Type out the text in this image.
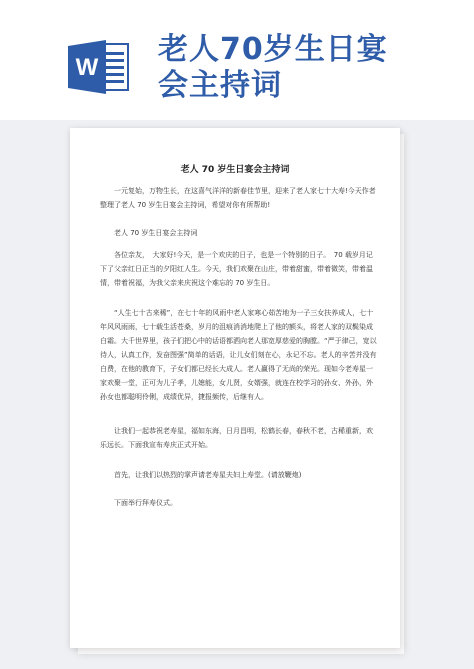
W
老人70岁生日宴
会主持词
老人 70 岁生日宴会主持词

一元复始，万物生长，在这喜气洋洋的新春佳节里，迎来了老人家七十大寿!今天作者整理了老人 70 岁生日宴会主持词，希望对你有所帮助!

老人 70 岁生日宴会主持词

各位亲友，　大家好!今天，是一个欢庆的日子，也是一个特别的日子。　70 载岁月记下了父亲红日正当的夕阳红人生。今天，我们欢聚在山庄，带着甜蜜，带着微笑，带着温情，带着祝福，为我父亲来庆祝这个难忘的 70 岁生日。

“人生七十古来稀”，在七十年的风雨中老人家寒心茹苦地为一子三女扶养成人，七十年风风雨雨，七十载生活苍桑，岁月的沮痕消消地爬上了他的额头，将老人家的双鬓染成白霜。大千世界里，孩子们把心中的话语都洒向老人那宽厚慈爱的胸膛。“严于律己，宽以待人，认真工作，发奋图强”简单的话语，让儿女们刻在心，永记不忘。老人的辛苦并没有白费，在他的教育下，子女们都已经长大成人。老人赢得了无尚的荣光。现如今老寿星一家欢聚一堂，正可为儿子孝，儿媳能，女儿贤，女婿强，就连在校学习的孙女、外孙，外孙女也都聪明伶俐，成绩优异，捷报频传，后继有人。

让我们一起恭祝老寿星，福如东海，日月昌明，松鹤长春，春秋不老，古稀重新，欢乐远长。下面我宣布寿庆正式开始。

首先，让我们以热烈的掌声请老寿星夫妇上寿堂。(请放鞭炮)

下面举行拜寿仪式。
